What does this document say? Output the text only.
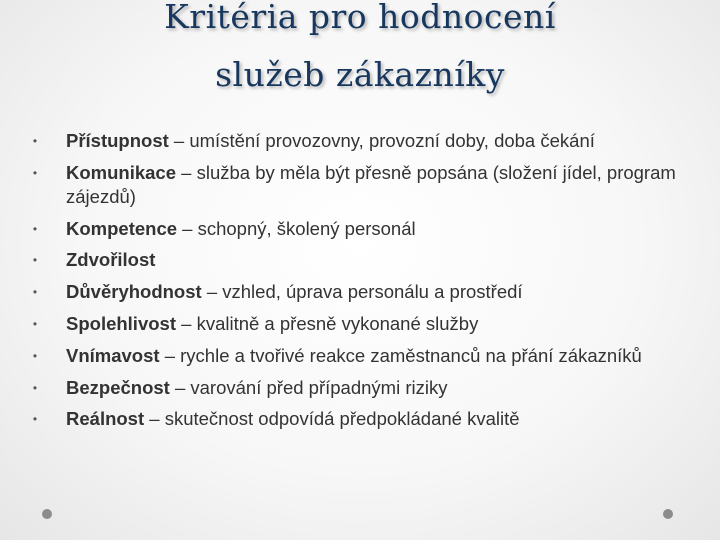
Kritéria pro hodnocení
služeb zákazníky
• Přístupnost – umístění provozovny, provozní doby, doba čekání
• Komunikace – služba by měla být přesně popsána (složení jídel, program zájezdů)
• Kompetence – schopný, školený personál
• Zdvořilost
• Důvěryhodnost – vzhled, úprava personálu a prostředí
• Spolehlivost – kvalitně a přesně vykonané služby
• Vnímavost – rychle a tvořivé reakce zaměstnanců na přání zákazníků
• Bezpečnost – varování před případnými riziky
• Reálnost – skutečnost odpovídá předpokládané kvalitě
